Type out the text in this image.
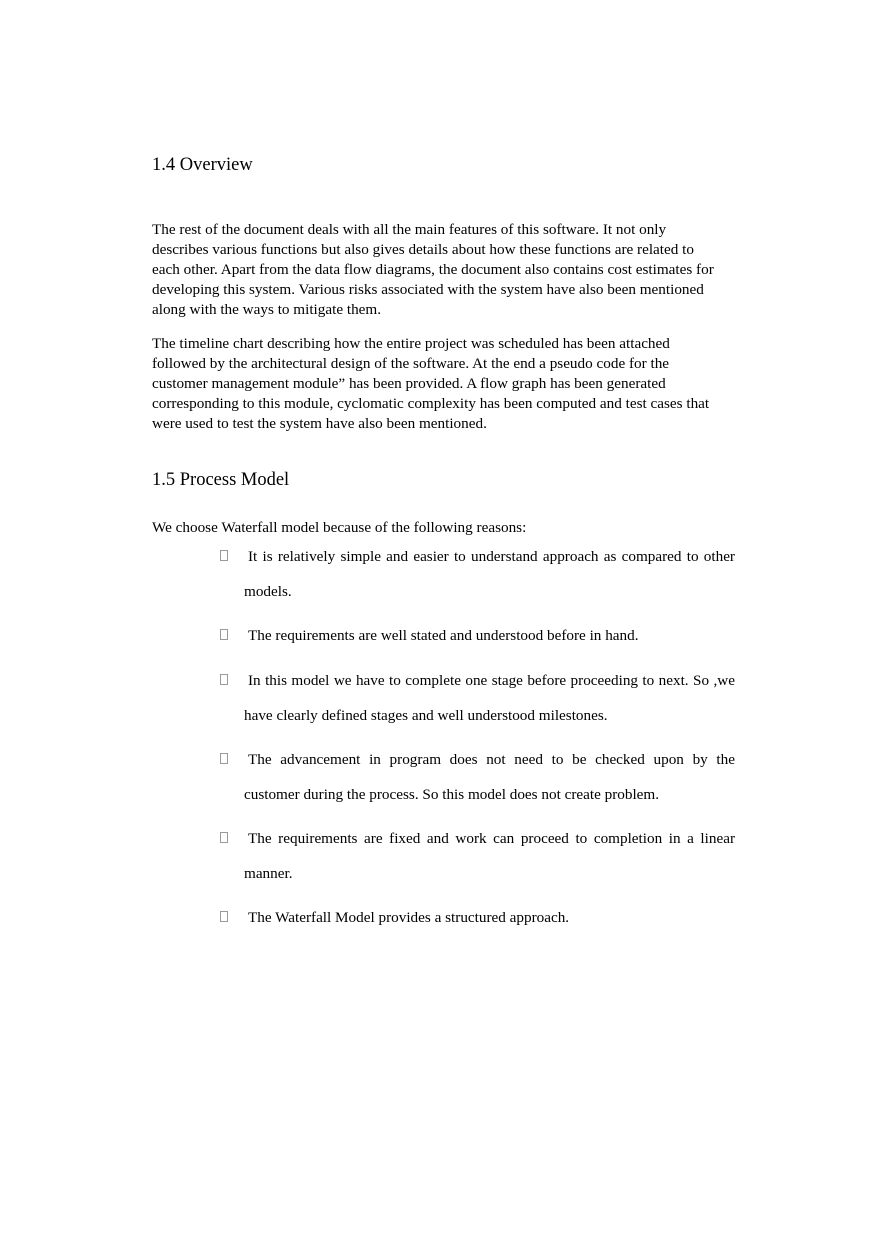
1.4 Overview

The rest of the document deals with all the main features of this software. It not only
describes various functions but also gives details about how these functions are related to
each other. Apart from the data flow diagrams, the document also contains cost estimates for
developing this system. Various risks associated with the system have also been mentioned
along with the ways to mitigate them.

The timeline chart describing how the entire project was scheduled has been attached
followed by the architectural design of the software. At the end a pseudo code for the
customer management module” has been provided. A flow graph has been generated
corresponding to this module, cyclomatic complexity has been computed and test cases that
were used to test the system have also been mentioned.

1.5 Process Model

We choose Waterfall model because of the following reasons:

It is relatively simple and easier to understand approach as compared to other
models.
The requirements are well stated and understood before in hand.
In this model we have to complete one stage before proceeding to next. So ,we
have clearly defined stages and well understood milestones.
The advancement in program does not need to be checked upon by the
customer during the process. So this model does not create problem.
The requirements are fixed and work can proceed to completion in a linear
manner.
The Waterfall Model provides a structured approach.
